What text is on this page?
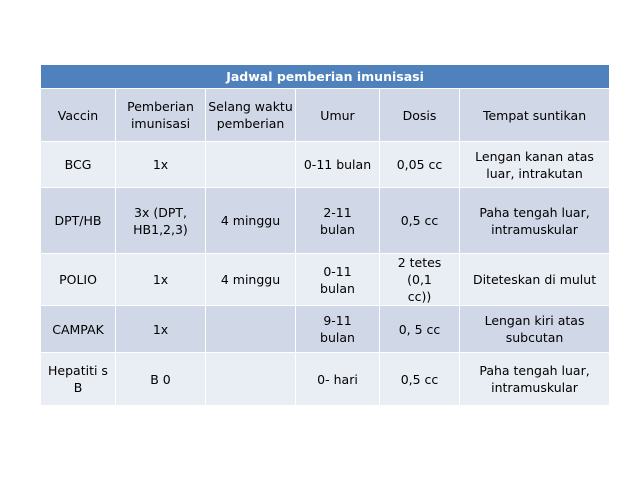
Jadwal pemberian imunisasi					
Vaccin	Pemberian imunisasi	Selang waktu pemberian	Umur	Dosis	Tempat suntikan
BCG	1x		0-11 bulan	0,05 cc	Lengan kanan atas luar, intrakutan
DPT/HB	3x (DPT, HB1,2,3)	4 minggu	2-11 bulan	0,5 cc	Paha tengah luar, intramuskular
POLIO	1x	4 minggu	0-11 bulan	2 tetes (0,1 cc))	Diteteskan di mulut
CAMPAK	1x		9-11 bulan	0, 5 cc	Lengan kiri atas subcutan
Hepatiti s B	B 0		0- hari	0,5 cc	Paha tengah luar, intramuskular
